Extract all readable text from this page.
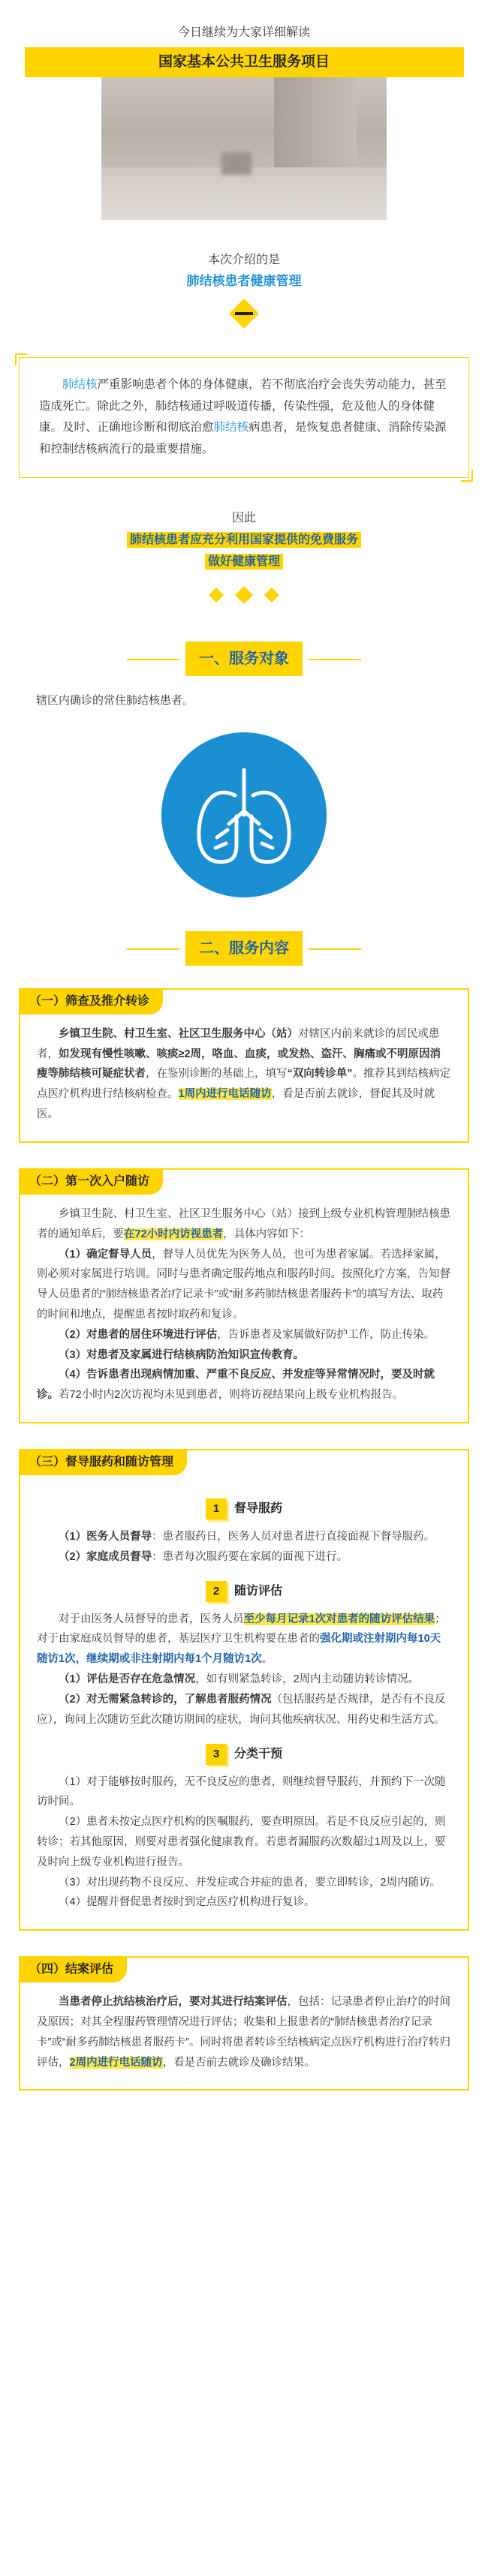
今日继续为大家详细解读
国家基本公共卫生服务项目
本次介绍的是
肺结核患者健康管理
肺结核严重影响患者个体的身体健康，若不彻底治疗会丧失劳动能力，甚至造成死亡。除此之外，肺结核通过呼吸道传播，传染性强，危及他人的身体健康。及时、正确地诊断和彻底治愈肺结核病患者，是恢复患者健康、消除传染源和控制结核病流行的最重要措施。
因此
肺结核患者应充分利用国家提供的免费服务
做好健康管理
一、服务对象
辖区内确诊的常住肺结核患者。
二、服务内容
（一）筛查及推介转诊

乡镇卫生院、村卫生室、社区卫生服务中心（站）对辖区内前来就诊的居民或患者，如发现有慢性咳嗽、咳痰≥2周，咯血、血痰，或发热、盗汗、胸痛或不明原因消瘦等肺结核可疑症状者，在鉴别诊断的基础上，填写“双向转诊单”。推荐其到结核病定点医疗机构进行结核病检查。1周内进行电话随访，看是否前去就诊，督促其及时就医。

（二）第一次入户随访

乡镇卫生院、村卫生室、社区卫生服务中心（站）接到上级专业机构管理肺结核患者的通知单后，要在72小时内访视患者，具体内容如下：

（1）确定督导人员，督导人员优先为医务人员，也可为患者家属。若选择家属，则必须对家属进行培训。同时与患者确定服药地点和服药时间。按照化疗方案，告知督导人员患者的“肺结核患者治疗记录卡”或“耐多药肺结核患者服药卡”的填写方法、取药的时间和地点，提醒患者按时取药和复诊。

（2）对患者的居住环境进行评估，告诉患者及家属做好防护工作，防止传染。

（3）对患者及家属进行结核病防治知识宣传教育。

（4）告诉患者出现病情加重、严重不良反应、并发症等异常情况时，要及时就诊。若72小时内2次访视均未见到患者，则将访视结果向上级专业机构报告。

（三）督导服药和随访管理
1 督导服药

（1）医务人员督导：患者服药日，医务人员对患者进行直接面视下督导服药。

（2）家庭成员督导：患者每次服药要在家属的面视下进行。

2 随访评估

对于由医务人员督导的患者，医务人员至少每月记录1次对患者的随访评估结果；对于由家庭成员督导的患者，基层医疗卫生机构要在患者的强化期或注射期内每10天随访1次，继续期或非注射期内每1个月随访1次。

（1）评估是否存在危急情况，如有则紧急转诊，2周内主动随访转诊情况。

（2）对无需紧急转诊的，了解患者服药情况（包括服药是否规律，是否有不良反应），询问上次随访至此次随访期间的症状，询问其他疾病状况、用药史和生活方式。

3 分类干预

（1）对于能够按时服药，无不良反应的患者，则继续督导服药，并预约下一次随访时间。

（2）患者未按定点医疗机构的医嘱服药，要查明原因。若是不良反应引起的，则转诊；若其他原因，则要对患者强化健康教育。若患者漏服药次数超过1周及以上，要及时向上级专业机构进行报告。

（3）对出现药物不良反应、并发症或合并症的患者，要立即转诊，2周内随访。

（4）提醒并督促患者按时到定点医疗机构进行复诊。

（四）结案评估

当患者停止抗结核治疗后，要对其进行结案评估，包括：记录患者停止治疗的时间及原因；对其全程服药管理情况进行评估；收集和上报患者的“肺结核患者治疗记录卡”或“耐多药肺结核患者服药卡”。同时将患者转诊至结核病定点医疗机构进行治疗转归评估，2周内进行电话随访，看是否前去就诊及确诊结果。
